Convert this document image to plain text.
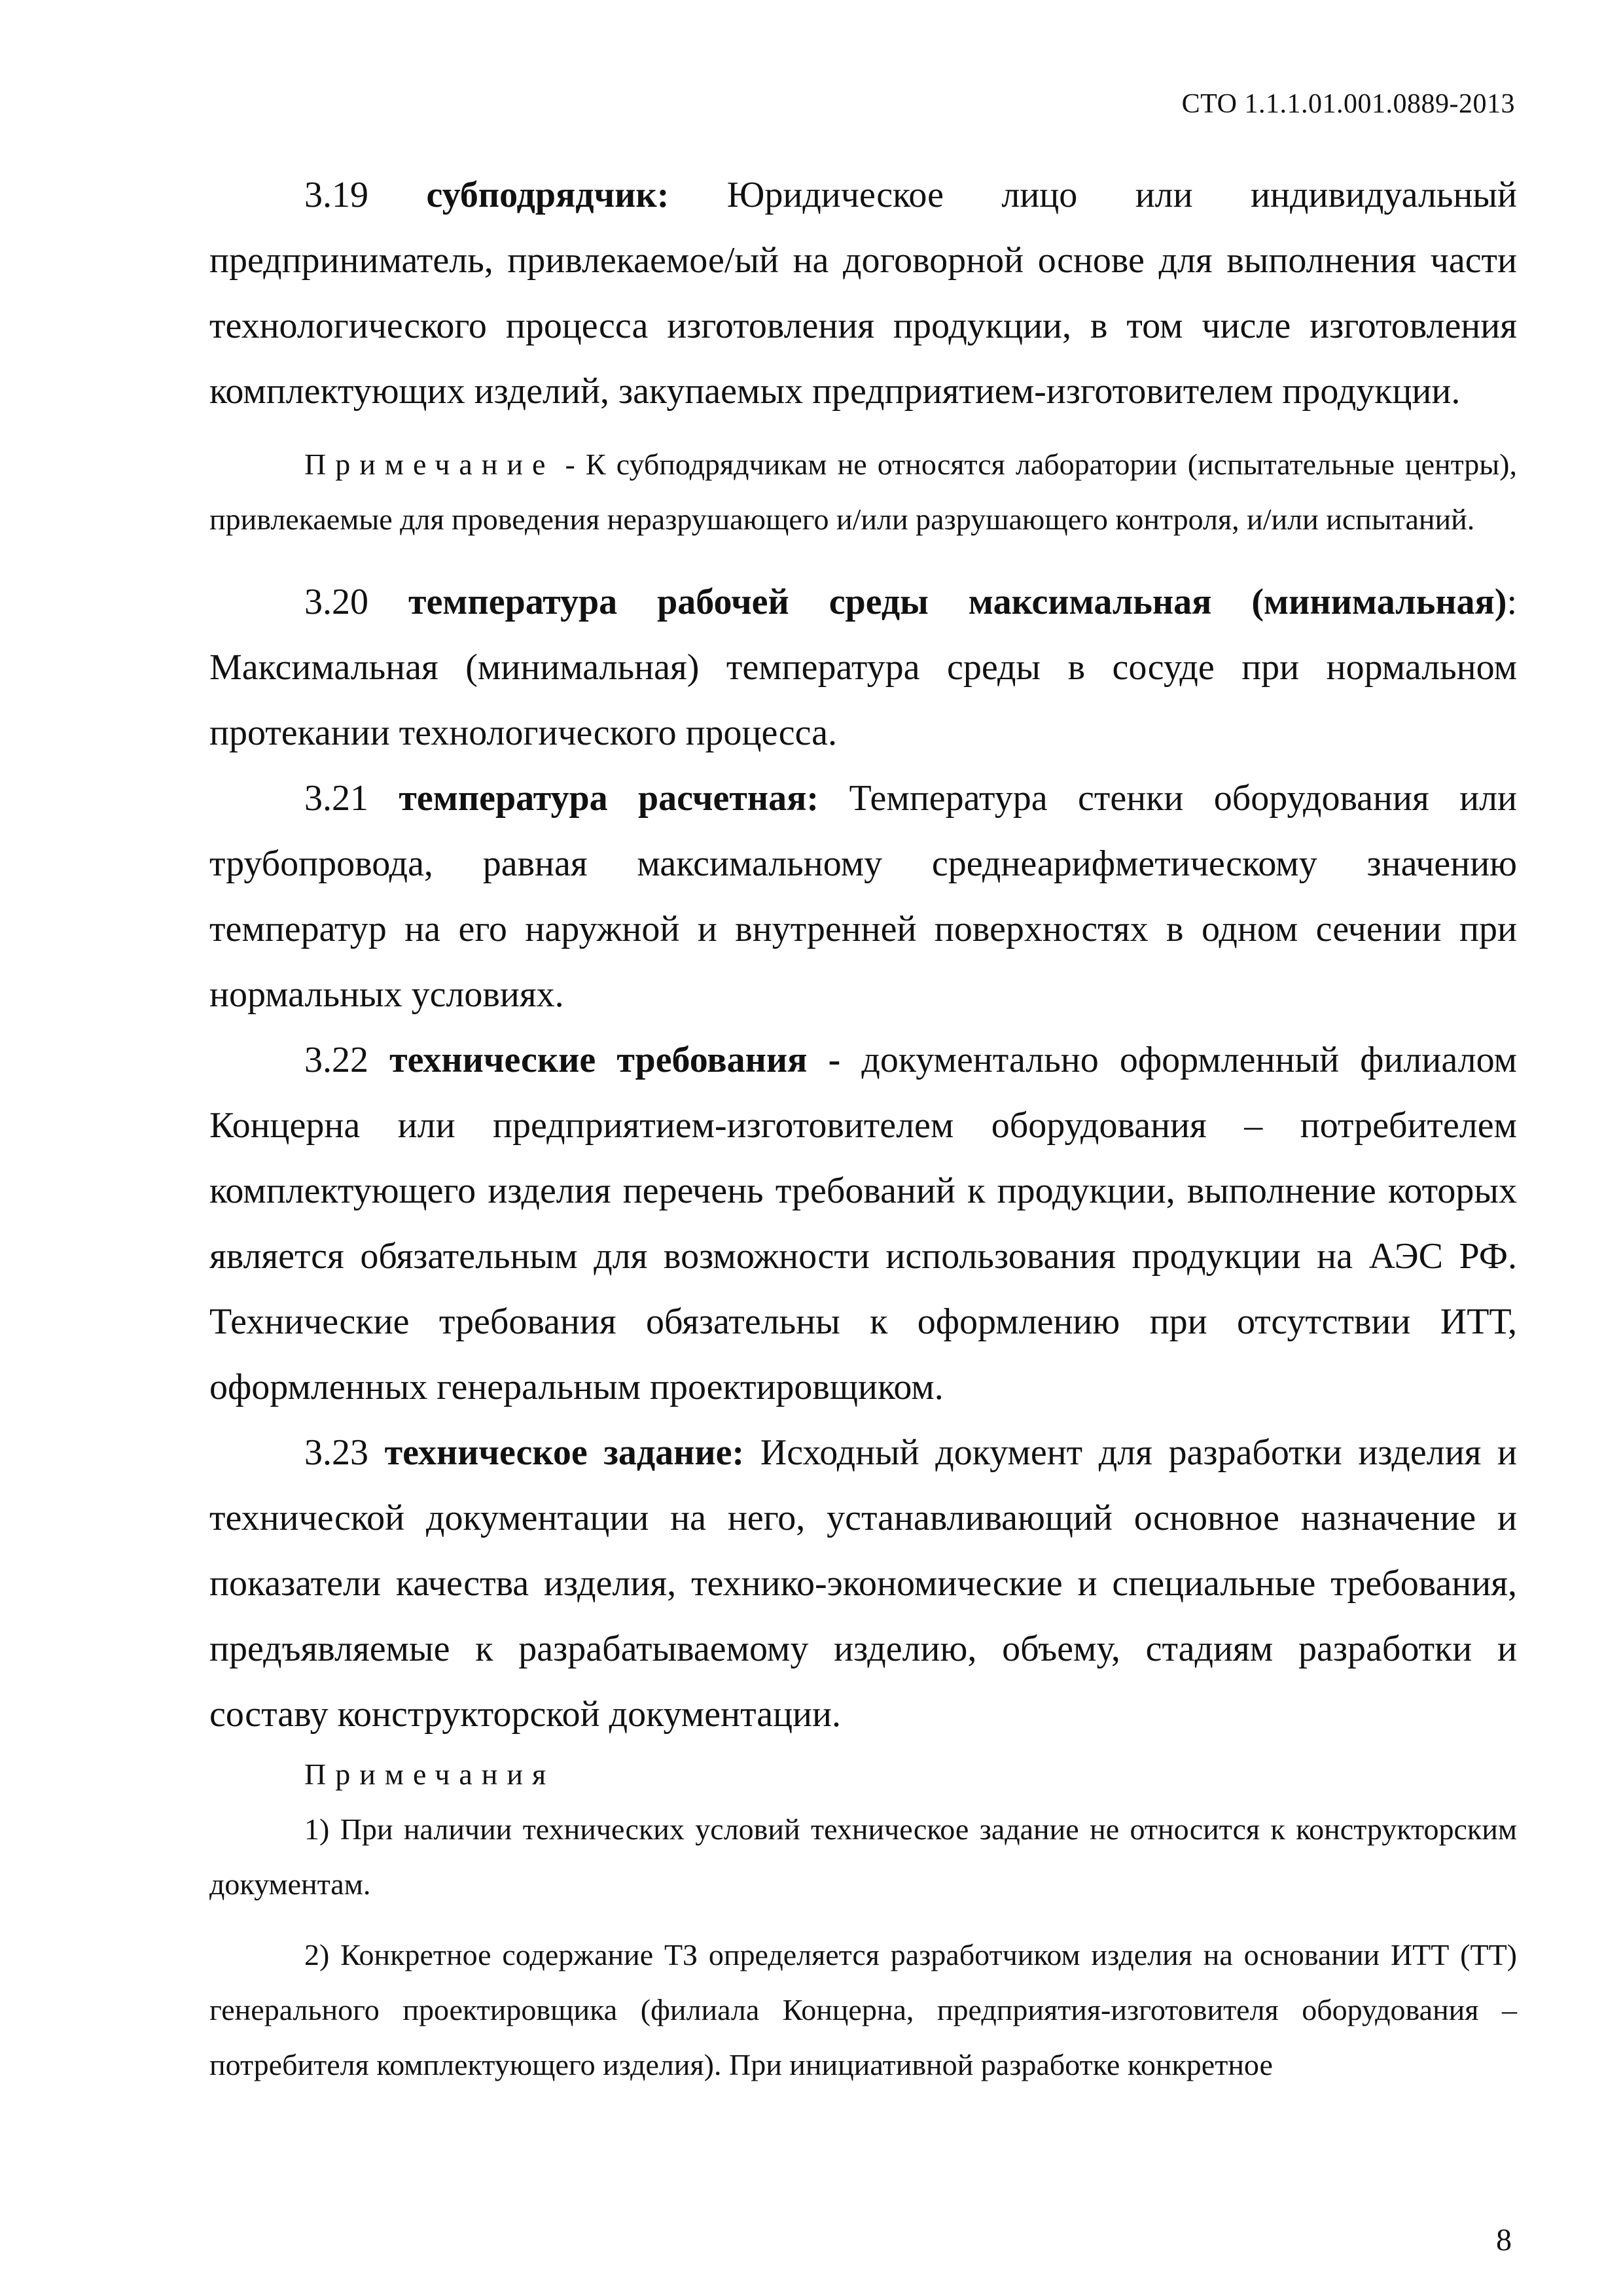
СТО 1.1.1.01.001.0889-2013

3.19 субподрядчик: Юридическое лицо или индивидуальный предприниматель, привлекаемое/ый на договорной основе для выполнения части технологического процесса изготовления продукции, в том числе изготовления комплектующих изделий, закупаемых предприятием-изготовителем продукции.

Примечание - К субподрядчикам не относятся лаборатории (испытательные центры), привлекаемые для проведения неразрушающего и/или разрушающего контроля, и/или испытаний.

3.20 температура рабочей среды максимальная (минимальная): Максимальная (минимальная) температура среды в сосуде при нормальном протекании технологического процесса.

3.21 температура расчетная: Температура стенки оборудования или трубопровода, равная максимальному среднеарифметическому значению температур на его наружной и внутренней поверхностях в одном сечении при нормальных условиях.

3.22 технические требования - документально оформленный филиалом Концерна или предприятием-изготовителем оборудования – потребителем комплектующего изделия перечень требований к продукции, выполнение которых является обязательным для возможности использования продукции на АЭС РФ. Технические требования обязательны к оформлению при отсутствии ИТТ, оформленных генеральным проектировщиком.

3.23 техническое задание: Исходный документ для разработки изделия и технической документации на него, устанавливающий основное назначение и показатели качества изделия, технико-экономические и специальные требования, предъявляемые к разрабатываемому изделию, объему, стадиям разработки и составу конструкторской документации.

Примечания

1) При наличии технических условий техническое задание не относится к конструкторским документам.

2) Конкретное содержание ТЗ определяется разработчиком изделия на основании ИТТ (ТТ) генерального проектировщика (филиала Концерна, предприятия-изготовителя оборудования – потребителя комплектующего изделия). При инициативной разработке конкретное

8
